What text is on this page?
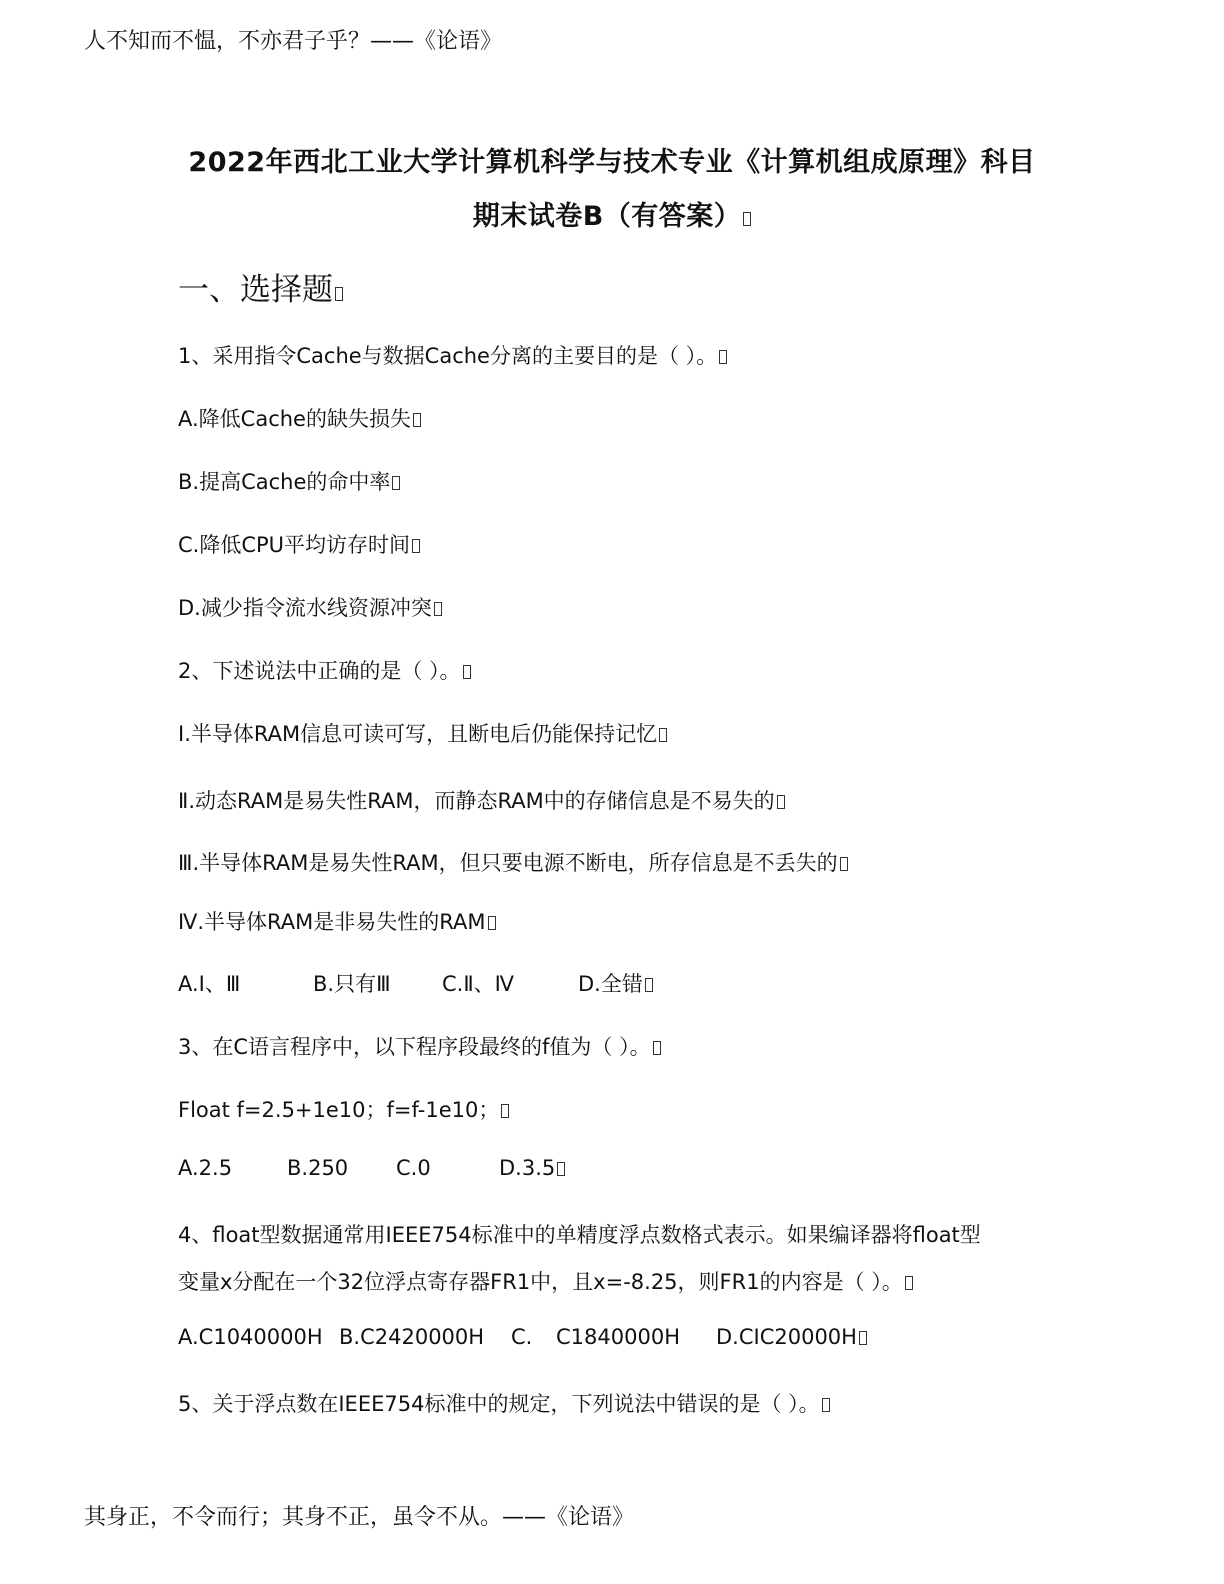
人不知而不愠，不亦君子乎？——《论语》
2022年西北工业大学计算机科学与技术专业《计算机组成原理》科目
期末试卷B（有答案）
一、选择题
1、采用指令Cache与数据Cache分离的主要目的是（ ）。
A.降低Cache的缺失损失
B.提高Cache的命中率
C.降低CPU平均访存时间
D.减少指令流水线资源冲突
2、下述说法中正确的是（ ）。
I.半导体RAM信息可读可写，且断电后仍能保持记忆
Ⅱ.动态RAM是易失性RAM，而静态RAM中的存储信息是不易失的
Ⅲ.半导体RAM是易失性RAM，但只要电源不断电，所存信息是不丢失的
Ⅳ.半导体RAM是非易失性的RAM
A.I、Ⅲ	B.只有Ⅲ C.Ⅱ、Ⅳ	D.全错
3、在C语言程序中，以下程序段最终的f值为（ ）。
Float f=2.5+1e10；f=f-1e10；
A.2.5	B.250 C.0	D.3.5
4、float型数据通常用IEEE754标准中的单精度浮点数格式表示。如果编译器将float型
变量x分配在一个32位浮点寄存器FR1中，且x=-8.25，则FR1的内容是（ ）。
A.C1040000H B.C2420000H C. C1840000H D.CIC20000H
5、关于浮点数在IEEE754标准中的规定，下列说法中错误的是（ ）。
其身正，不令而行；其身不正，虽令不从。——《论语》
